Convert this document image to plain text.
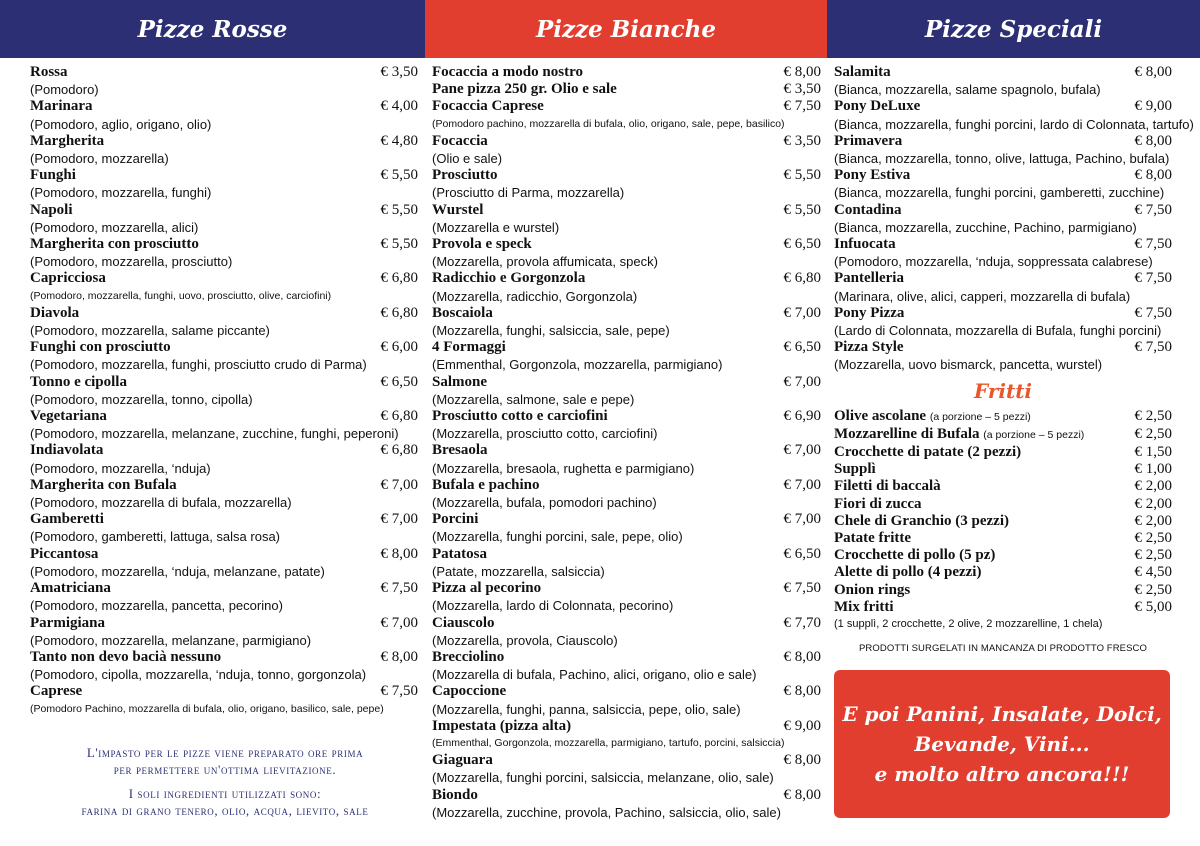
Pizze Rosse	Pizze Bianche	Pizze Speciali
Rossa	€ 3,50
(Pomodoro)
Marinara	€ 4,00
(Pomodoro, aglio, origano, olio)
Margherita	€ 4,80
(Pomodoro, mozzarella)
Funghi	€ 5,50
(Pomodoro, mozzarella, funghi)
Napoli	€ 5,50
(Pomodoro, mozzarella, alici)
Margherita con prosciutto	€ 5,50
(Pomodoro, mozzarella, prosciutto)
Capricciosa	€ 6,80
(Pomodoro, mozzarella, funghi, uovo, prosciutto, olive, carciofini)
Diavola	€ 6,80
(Pomodoro, mozzarella, salame piccante)
Funghi con prosciutto	€ 6,00
(Pomodoro, mozzarella, funghi, prosciutto crudo di Parma)
Tonno e cipolla	€ 6,50
(Pomodoro, mozzarella, tonno, cipolla)
Vegetariana	€ 6,80
(Pomodoro, mozzarella, melanzane, zucchine, funghi, peperoni)
Indiavolata	€ 6,80
(Pomodoro, mozzarella, ‘nduja)
Margherita con Bufala	€ 7,00
(Pomodoro, mozzarella di bufala, mozzarella)
Gamberetti	€ 7,00
(Pomodoro, gamberetti, lattuga, salsa rosa)
Piccantosa	€ 8,00
(Pomodoro, mozzarella, ‘nduja, melanzane, patate)
Amatriciana	€ 7,50
(Pomodoro, mozzarella, pancetta, pecorino)
Parmigiana	€ 7,00
(Pomodoro, mozzarella, melanzane, parmigiano)
Tanto non devo bacià nessuno	€ 8,00
(Pomodoro, cipolla, mozzarella, ‘nduja, tonno, gorgonzola)
Caprese	€ 7,50
(Pomodoro Pachino, mozzarella di bufala, olio, origano, basilico, sale, pepe)
Focaccia a modo nostro	€ 8,00
Pane pizza 250 gr. Olio e sale	€ 3,50
Focaccia Caprese	€ 7,50
(Pomodoro pachino, mozzarella di bufala, olio, origano, sale, pepe, basilico)
Focaccia	€ 3,50
(Olio e sale)
Prosciutto	€ 5,50
(Prosciutto di Parma, mozzarella)
Wurstel	€ 5,50
(Mozzarella e wurstel)
Provola e speck	€ 6,50
(Mozzarella, provola affumicata, speck)
Radicchio e Gorgonzola	€ 6,80
(Mozzarella, radicchio, Gorgonzola)
Boscaiola	€ 7,00
(Mozzarella, funghi, salsiccia, sale, pepe)
4 Formaggi	€ 6,50
(Emmenthal, Gorgonzola, mozzarella, parmigiano)
Salmone	€ 7,00
(Mozzarella, salmone, sale e pepe)
Prosciutto cotto e carciofini	€ 6,90
(Mozzarella, prosciutto cotto, carciofini)
Bresaola	€ 7,00
(Mozzarella, bresaola, rughetta e parmigiano)
Bufala e pachino	€ 7,00
(Mozzarella, bufala, pomodori pachino)
Porcini	€ 7,00
(Mozzarella, funghi porcini, sale, pepe, olio)
Patatosa	€ 6,50
(Patate, mozzarella, salsiccia)
Pizza al pecorino	€ 7,50
(Mozzarella, lardo di Colonnata, pecorino)
Ciauscolo	€ 7,70
(Mozzarella, provola, Ciauscolo)
Brecciolino	€ 8,00
(Mozzarella di bufala, Pachino, alici, origano, olio e sale)
Capoccione	€ 8,00
(Mozzarella, funghi, panna, salsiccia, pepe, olio, sale)
Impestata (pizza alta)	€ 9,00
(Emmenthal, Gorgonzola, mozzarella, parmigiano, tartufo, porcini, salsiccia)
Giaguara	€ 8,00
(Mozzarella, funghi porcini, salsiccia, melanzane, olio, sale)
Biondo	€ 8,00
(Mozzarella, zucchine, provola, Pachino, salsiccia, olio, sale)
Salamita	€ 8,00
(Bianca, mozzarella, salame spagnolo, bufala)
Pony DeLuxe	€ 9,00
(Bianca, mozzarella, funghi porcini, lardo di Colonnata, tartufo)
Primavera	€ 8,00
(Bianca, mozzarella, tonno, olive, lattuga, Pachino, bufala)
Pony Estiva	€ 8,00
(Bianca, mozzarella, funghi porcini, gamberetti, zucchine)
Contadina	€ 7,50
(Bianca, mozzarella, zucchine, Pachino, parmigiano)
Infuocata	€ 7,50
(Pomodoro, mozzarella, ‘nduja, soppressata calabrese)
Pantelleria	€ 7,50
(Marinara, olive, alici, capperi, mozzarella di bufala)
Pony Pizza	€ 7,50
(Lardo di Colonnata, mozzarella di Bufala, funghi porcini)
Pizza Style	€ 7,50
(Mozzarella, uovo bismarck, pancetta, wurstel)
Fritti
Olive ascolane (a porzione – 5 pezzi)	€ 2,50
Mozzarelline di Bufala (a porzione – 5 pezzi)	€ 2,50
Crocchette di patate (2 pezzi)	€ 1,50
Supplì	€ 1,00
Filetti di baccalà	€ 2,00
Fiori di zucca	€ 2,00
Chele di Granchio (3 pezzi)	€ 2,00
Patate fritte	€ 2,50
Crocchette di pollo (5 pz)	€ 2,50
Alette di pollo (4 pezzi)	€ 4,50
Onion rings	€ 2,50
Mix fritti	€ 5,00
(1 supplì, 2 crocchette, 2 olive, 2 mozzarelline, 1 chela)
PRODOTTI SURGELATI IN MANCANZA DI PRODOTTO FRESCO

L'impasto per le pizze viene preparato ore prima
per permettere un'ottima lievitazione.

I soli ingredienti utilizzati sono:
farina di grano tenero, olio, acqua, lievito, sale

E poi Panini, Insalate, Dolci,
Bevande, Vini...
e molto altro ancora!!!
